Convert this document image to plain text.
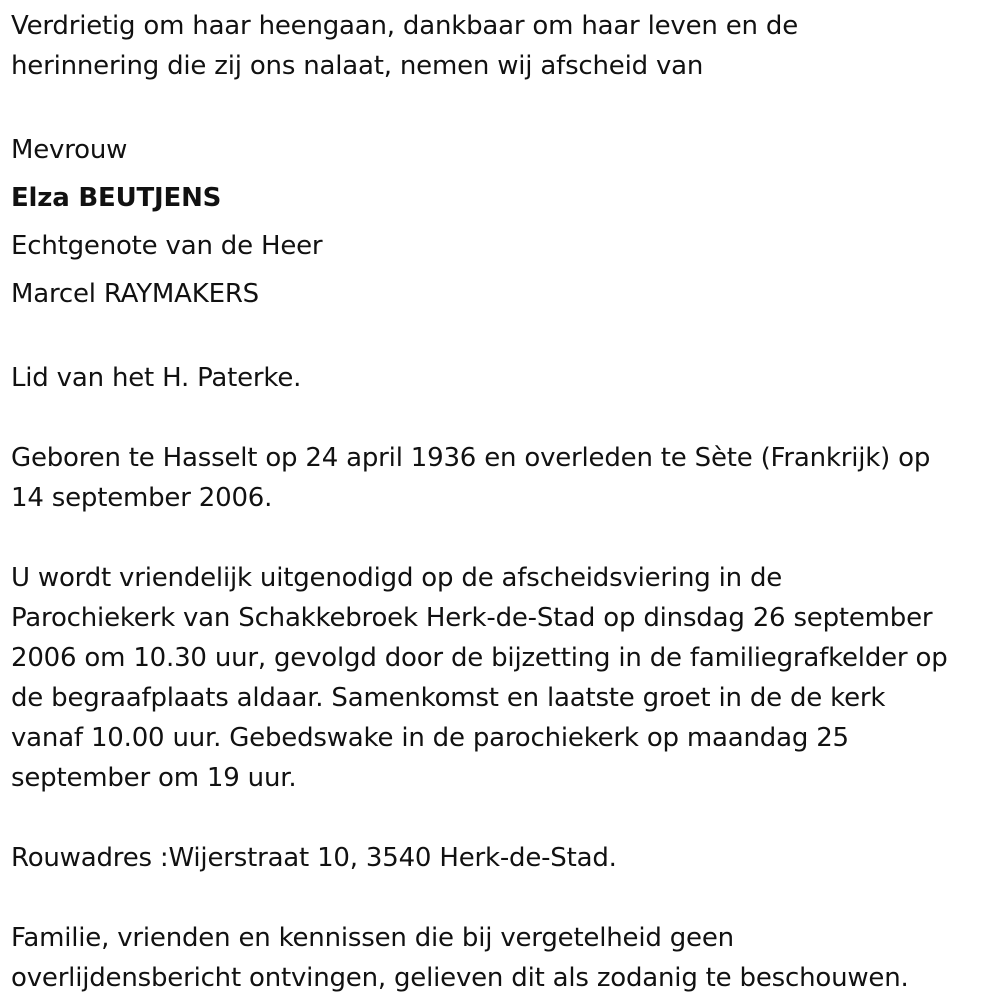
Verdrietig om haar heengaan, dankbaar om haar leven en de
herinnering die zij ons nalaat, nemen wij afscheid van
Mevrouw
Elza BEUTJENS
Echtgenote van de Heer
Marcel RAYMAKERS
Lid van het H. Paterke.
Geboren te Hasselt op 24 april 1936 en overleden te Sète (Frankrijk) op
14 september 2006.
U wordt vriendelijk uitgenodigd op de afscheidsviering in de
Parochiekerk van Schakkebroek Herk-de-Stad op dinsdag 26 september
2006 om 10.30 uur, gevolgd door de bijzetting in de familiegrafkelder op
de begraafplaats aldaar. Samenkomst en laatste groet in de de kerk
vanaf 10.00 uur. Gebedswake in de parochiekerk op maandag 25
september om 19 uur.
Rouwadres :Wijerstraat 10, 3540 Herk-de-Stad.
Familie, vrienden en kennissen die bij vergetelheid geen
overlijdensbericht ontvingen, gelieven dit als zodanig te beschouwen.
